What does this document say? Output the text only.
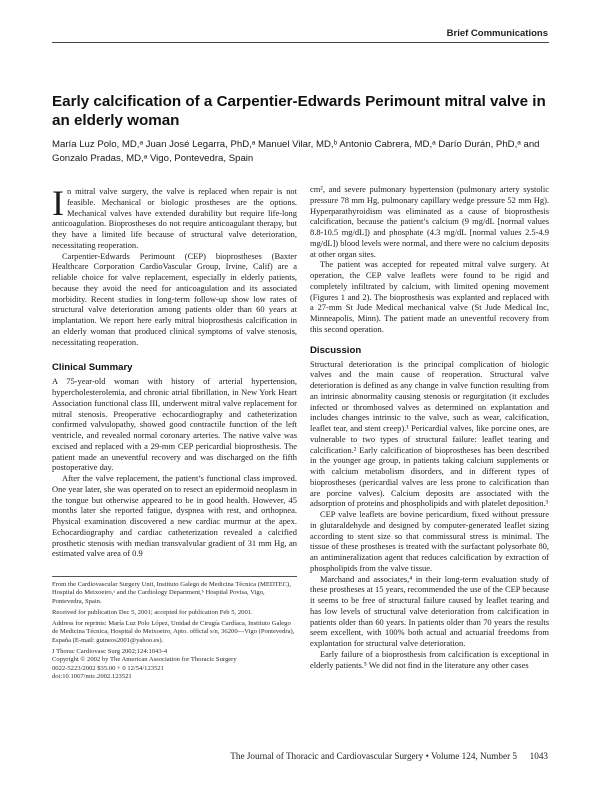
Brief Communications
Early calcification of a Carpentier-Edwards Perimount mitral valve in an elderly woman

María Luz Polo, MD,ᵃ Juan José Legarra, PhD,ᵃ Manuel Vilar, MD,ᵇ Antonio Cabrera, MD,ᵃ Darío Durán, PhD,ᵃ and Gonzalo Pradas, MD,ᵃ Vigo, Pontevedra, Spain

In mitral valve surgery, the valve is replaced when repair is not feasible. Mechanical or biologic prostheses are the options. Mechanical valves have extended durability but require life-long anticoagulation. Bioprostheses do not require anticoagulant therapy, but they have a limited life because of structural valve deterioration, necessitating reoperation.

Carpentier-Edwards Perimount (CEP) bioprostheses (Baxter Healthcare Corporation CardioVascular Group, Irvine, Calif) are a reliable choice for valve replacement, especially in elderly patients, because they avoid the need for anticoagulation and its associated morbidity. Recent studies in long-term follow-up show low rates of structural valve deterioration among patients older than 60 years at implantation. We report here early mitral bioprosthesis calcification in an elderly woman that produced clinical symptoms of valve stenosis, necessitating reoperation.

Clinical Summary

A 75-year-old woman with history of arterial hypertension, hypercholesterolemia, and chronic atrial fibrillation, in New York Heart Association functional class III, underwent mitral valve replacement for mitral stenosis. Preoperative echocardiography and catheterization confirmed valvulopathy, showed good contractile function of the left ventricle, and revealed normal coronary arteries. The native valve was excised and replaced with a 29-mm CEP pericardial bioprosthesis. The patient made an uneventful recovery and was discharged on the fifth postoperative day.

After the valve replacement, the patient’s functional class improved. One year later, she was operated on to resect an epidermoid neoplasm in the tongue but otherwise appeared to be in good health. However, 45 months later she reported fatigue, dyspnea with rest, and orthopnea. Physical examination discovered a new cardiac murmur at the apex. Echocardiography and cardiac catheterization revealed a calcified prosthetic stenosis with median transvalvular gradient of 31 mm Hg, an estimated valve area of 0.9

From the Cardiovascular Surgery Unit, Instituto Galego de Medicina Técnica (MEDTEC), Hospital do Meixoeiro,ᵃ and the Cardiology Department,ᵇ Hospital Povisa, Vigo, Pontevedra, Spain.

Received for publication Dec 5, 2001; accepted for publication Feb 5, 2001.

Address for reprints: María Luz Polo López, Unidad de Cirugía Cardíaca, Instituto Galego de Medicina Técnica, Hospital do Meixoeiro, Apto. official s/n, 36200—Vigo (Pontevedra), España (E-mail: guineos2001@yahoo.es).

J Thorac Cardiovasc Surg 2002;124:1043-4

Copyright © 2002 by The American Association for Thoracic Surgery

0022-5223/2002 $35.00 + 0 12/54/123521

doi:10.1067/mtc.2002.123521

cm², and severe pulmonary hypertension (pulmonary artery systolic pressure 78 mm Hg, pulmonary capillary wedge pressure 52 mm Hg). Hyperparathyroidism was eliminated as a cause of bioprosthesis calcification, because the patient’s calcium (9 mg/dL [normal values 8.8-10.5 mg/dL]) and phosphate (4.3 mg/dL [normal values 2.5-4.9 mg/dL]) blood levels were normal, and there were no calcium deposits at other organ sites.

The patient was accepted for repeated mitral valve surgery. At operation, the CEP valve leaflets were found to be rigid and completely infiltrated by calcium, with limited opening movement (Figures 1 and 2). The bioprosthesis was explanted and replaced with a 27-mm St Jude Medical mechanical valve (St Jude Medical Inc, Minneapolis, Minn). The patient made an uneventful recovery from this second operation.

Discussion

Structural deterioration is the principal complication of biologic valves and the main cause of reoperation. Structural valve deterioration is defined as any change in valve function resulting from an intrinsic abnormality causing stenosis or regurgitation (it excludes infected or thrombosed valves as determined on explantation and includes changes intrinsic to the valve, such as wear, calcification, leaflet tear, and stent creep).¹ Pericardial valves, like porcine ones, are vulnerable to two types of structural failure: leaflet tearing and calcification.² Early calcification of bioprostheses has been described in the younger age group, in patients taking calcium supplements or with calcium metabolism disorders, and in different types of bioprostheses (pericardial valves are less prone to calcification than are porcine valves). Calcium deposits are associated with the adsorption of proteins and phospholipids and with platelet deposition.³

CEP valve leaflets are bovine pericardium, fixed without pressure in glutaraldehyde and designed by computer-generated leaflet sizing according to stent size so that commissural stress is minimal. The tissue of these prostheses is treated with the surfactant polysorbate 80, an antimineralization agent that reduces calcification by extraction of phospholipids from the valve tissue.

Marchand and associates,⁴ in their long-term evaluation study of these prostheses at 15 years, recommended the use of the CEP because it seems to be free of structural failure caused by leaflet tearing and has low levels of structural valve deterioration from calcification in patients older than 60 years. In patients older than 70 years the results seem excellent, with 100% both actual and actuarial freedoms from explantation for structural valve deterioration.

Early failure of a bioprosthesis from calcification is exceptional in elderly patients.⁵ We did not find in the literature any other cases

The Journal of Thoracic and Cardiovascular Surgery • Volume 124, Number 5 1043
